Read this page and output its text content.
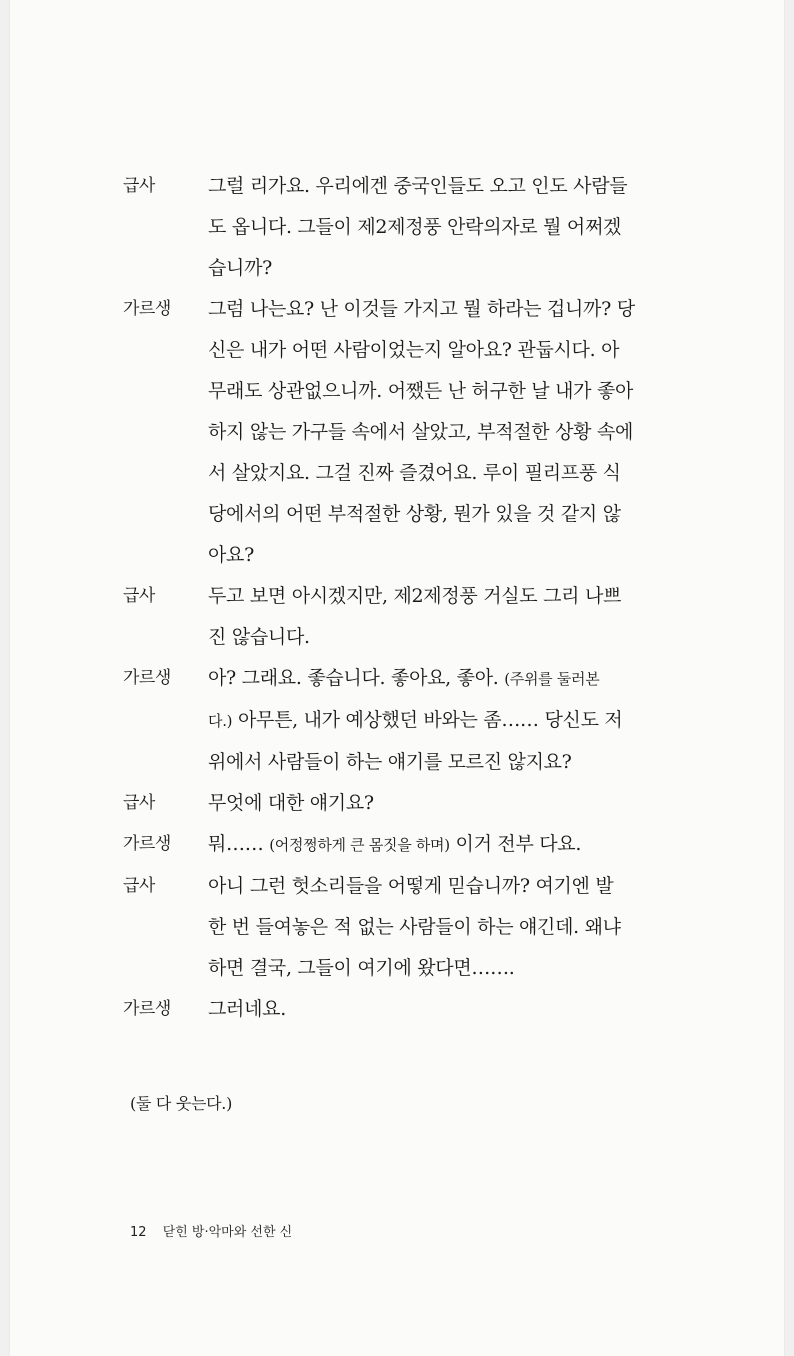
급사	그럴 리가요. 우리에겐 중국인들도 오고 인도 사람들
도 옵니다. 그들이 제2제정풍 안락의자로 뭘 어쩌겠
습니까?
가르생	그럼 나는요? 난 이것들 가지고 뭘 하라는 겁니까? 당
신은 내가 어떤 사람이었는지 알아요? 관둡시다. 아
무래도 상관없으니까. 어쨌든 난 허구한 날 내가 좋아
하지 않는 가구들 속에서 살았고, 부적절한 상황 속에
서 살았지요. 그걸 진짜 즐겼어요. 루이 필리프풍 식
당에서의 어떤 부적절한 상황, 뭔가 있을 것 같지 않
아요?
급사	두고 보면 아시겠지만, 제2제정풍 거실도 그리 나쁘
진 않습니다.
가르생	아? 그래요. 좋습니다. 좋아요, 좋아. (주위를 둘러본
다.) 아무튼, 내가 예상했던 바와는 좀…… 당신도 저
위에서 사람들이 하는 얘기를 모르진 않지요?
급사	무엇에 대한 얘기요?
가르생	뭐…… (어정쩡하게 큰 몸짓을 하며) 이거 전부 다요.
급사	아니 그런 헛소리들을 어떻게 믿습니까? 여기엔 발
한 번 들여놓은 적 없는 사람들이 하는 얘긴데. 왜냐
하면 결국, 그들이 여기에 왔다면…….
가르생	그러네요.
(둘 다 웃는다.)
12 닫힌 방·악마와 선한 신
